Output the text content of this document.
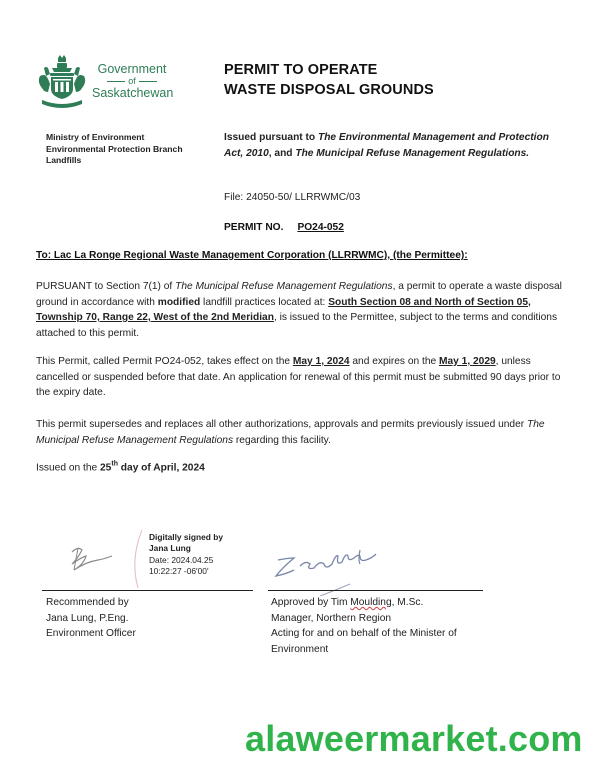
Government
of
Saskatchewan
PERMIT TO OPERATE
WASTE DISPOSAL GROUNDS
Ministry of Environment
Environmental Protection Branch
Landfills
Issued pursuant to The Environmental Management and Protection Act, 2010, and The Municipal Refuse Management Regulations.
File: 24050-50/ LLRRWMC/03
PERMIT NO. PO24-052
To: Lac La Ronge Regional Waste Management Corporation (LLRRWMC), (the Permittee):
PURSUANT to Section 7(1) of The Municipal Refuse Management Regulations, a permit to operate a waste disposal ground in accordance with modified landfill practices located at: South Section 08 and North of Section 05, Township 70, Range 22, West of the 2nd Meridian, is issued to the Permittee, subject to the terms and conditions attached to this permit.
This Permit, called Permit PO24-052, takes effect on the May 1, 2024 and expires on the May 1, 2029, unless cancelled or suspended before that date. An application for renewal of this permit must be submitted 90 days prior to the expiry date.
This permit supersedes and replaces all other authorizations, approvals and permits previously issued under The Municipal Refuse Management Regulations regarding this facility.
Issued on the 25th day of April, 2024
Digitally signed by
Jana Lung
Date: 2024.04.25
10:22:27 -06'00'
Recommended by
Jana Lung, P.Eng.
Environment Officer
Approved by Tim Moulding, M.Sc.
Manager, Northern Region
Acting for and on behalf of the Minister of
Environment
alaweermarket.com
